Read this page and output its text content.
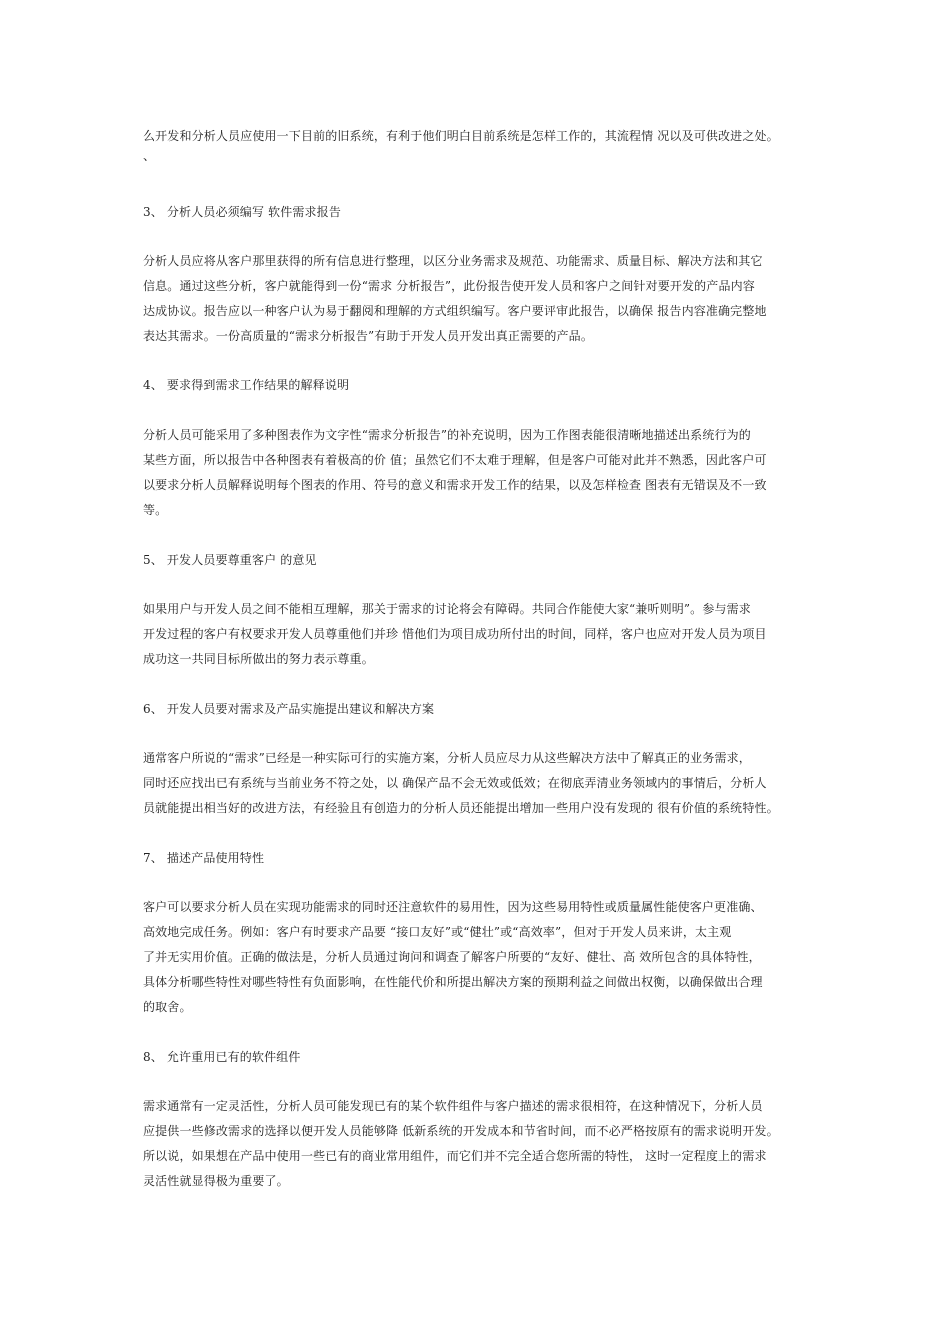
么开发和分析人员应使用一下目前的旧系统，有利于他们明白目前系统是怎样工作的，其流程情 况以及可供改进之处。
、
3、 分析人员必须编写 软件需求报告
分析人员应将从客户那里获得的所有信息进行整理，以区分业务需求及规范、功能需求、质量目标、解决方法和其它
信息。通过这些分析，客户就能得到一份“需求 分析报告”，此份报告使开发人员和客户之间针对要开发的产品内容
达成协议。报告应以一种客户认为易于翻阅和理解的方式组织编写。客户要评审此报告，以确保 报告内容准确完整地
表达其需求。一份高质量的“需求分析报告”有助于开发人员开发出真正需要的产品。
4、 要求得到需求工作结果的解释说明
分析人员可能采用了多种图表作为文字性“需求分析报告”的补充说明，因为工作图表能很清晰地描述出系统行为的
某些方面，所以报告中各种图表有着极高的价 值；虽然它们不太难于理解，但是客户可能对此并不熟悉，因此客户可
以要求分析人员解释说明每个图表的作用、符号的意义和需求开发工作的结果，以及怎样检查 图表有无错误及不一致
等。
5、 开发人员要尊重客户 的意见
如果用户与开发人员之间不能相互理解，那关于需求的讨论将会有障碍。共同合作能使大家“兼听则明”。参与需求
开发过程的客户有权要求开发人员尊重他们并珍 惜他们为项目成功所付出的时间，同样，客户也应对开发人员为项目
成功这一共同目标所做出的努力表示尊重。
6、 开发人员要对需求及产品实施提出建议和解决方案
通常客户所说的“需求”已经是一种实际可行的实施方案，分析人员应尽力从这些解决方法中了解真正的业务需求，
同时还应找出已有系统与当前业务不符之处，以 确保产品不会无效或低效；在彻底弄清业务领域内的事情后，分析人
员就能提出相当好的改进方法，有经验且有创造力的分析人员还能提出增加一些用户没有发现的 很有价值的系统特性。
7、 描述产品使用特性
客户可以要求分析人员在实现功能需求的同时还注意软件的易用性，因为这些易用特性或质量属性能使客户更准确、
高效地完成任务。例如：客户有时要求产品要 “接口友好”或“健壮”或“高效率”，但对于开发人员来讲，太主观
了并无实用价值。正确的做法是，分析人员通过询问和调查了解客户所要的“友好、健壮、高 效所包含的具体特性，
具体分析哪些特性对哪些特性有负面影响，在性能代价和所提出解决方案的预期利益之间做出权衡，以确保做出合理
的取舍。
8、 允许重用已有的软件组件
需求通常有一定灵活性，分析人员可能发现已有的某个软件组件与客户描述的需求很相符，在这种情况下，分析人员
应提供一些修改需求的选择以便开发人员能够降 低新系统的开发成本和节省时间，而不必严格按原有的需求说明开发。
所以说，如果想在产品中使用一些已有的商业常用组件，而它们并不完全适合您所需的特性， 这时一定程度上的需求
灵活性就显得极为重要了。
